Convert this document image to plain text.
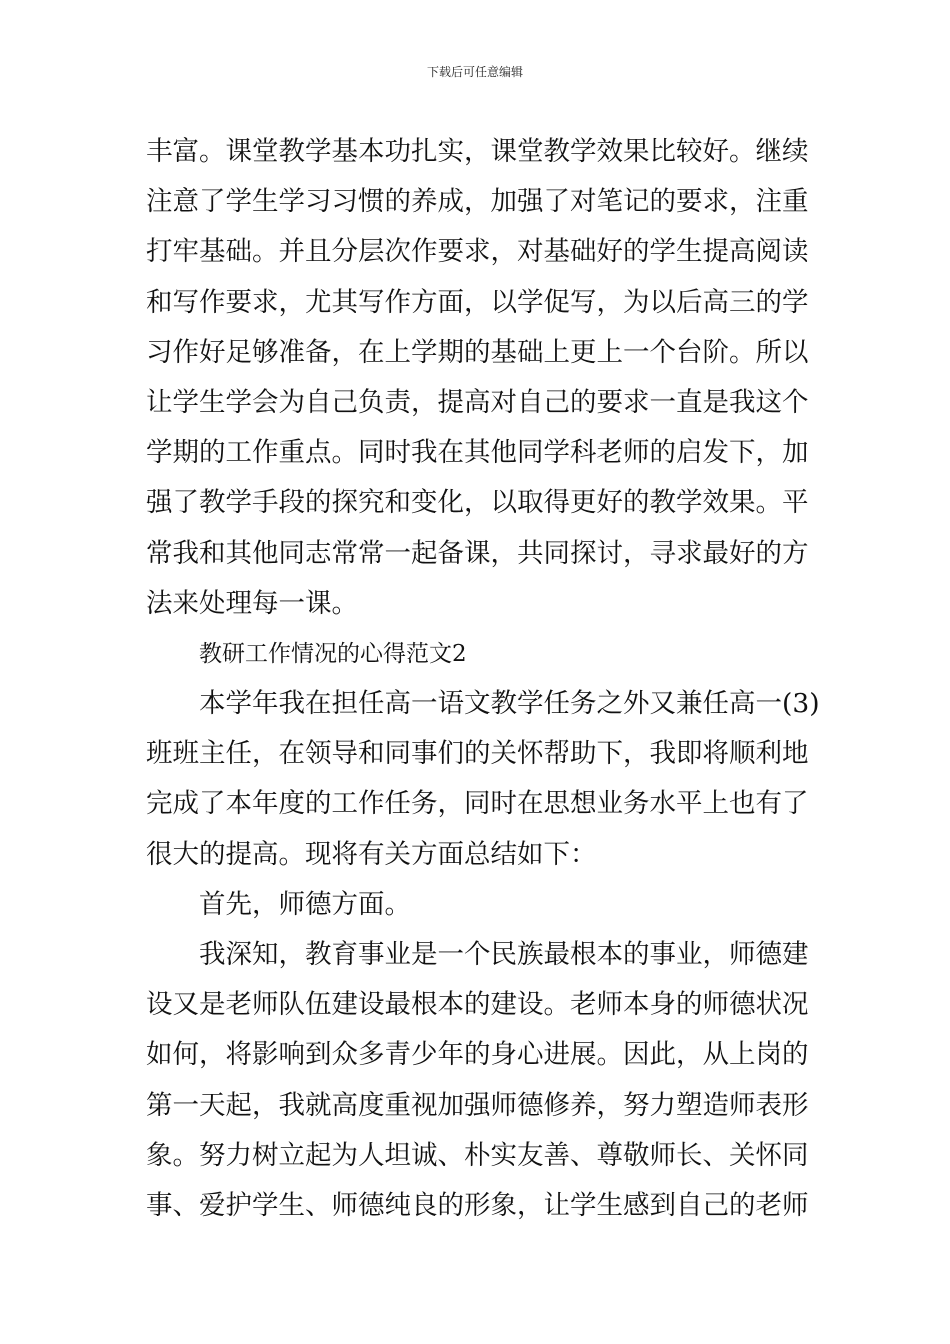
下载后可任意编辑
丰富。课堂教学基本功扎实，课堂教学效果比较好。继续
注意了学生学习习惯的养成，加强了对笔记的要求，注重
打牢基础。并且分层次作要求，对基础好的学生提高阅读
和写作要求，尤其写作方面，以学促写，为以后高三的学
习作好足够准备，在上学期的基础上更上一个台阶。所以
让学生学会为自己负责，提高对自己的要求一直是我这个
学期的工作重点。同时我在其他同学科老师的启发下，加
强了教学手段的探究和变化，以取得更好的教学效果。平
常我和其他同志常常一起备课，共同探讨，寻求最好的方
法来处理每一课。
教研工作情况的心得范文2
本学年我在担任高一语文教学任务之外又兼任高一(3)
班班主任，在领导和同事们的关怀帮助下，我即将顺利地
完成了本年度的工作任务，同时在思想业务水平上也有了
很大的提高。现将有关方面总结如下：
首先，师德方面。
我深知，教育事业是一个民族最根本的事业，师德建
设又是老师队伍建设最根本的建设。老师本身的师德状况
如何，将影响到众多青少年的身心进展。因此，从上岗的
第一天起，我就高度重视加强师德修养，努力塑造师表形
象。努力树立起为人坦诚、朴实友善、尊敬师长、关怀同
事、爱护学生、师德纯良的形象，让学生感到自己的老师
